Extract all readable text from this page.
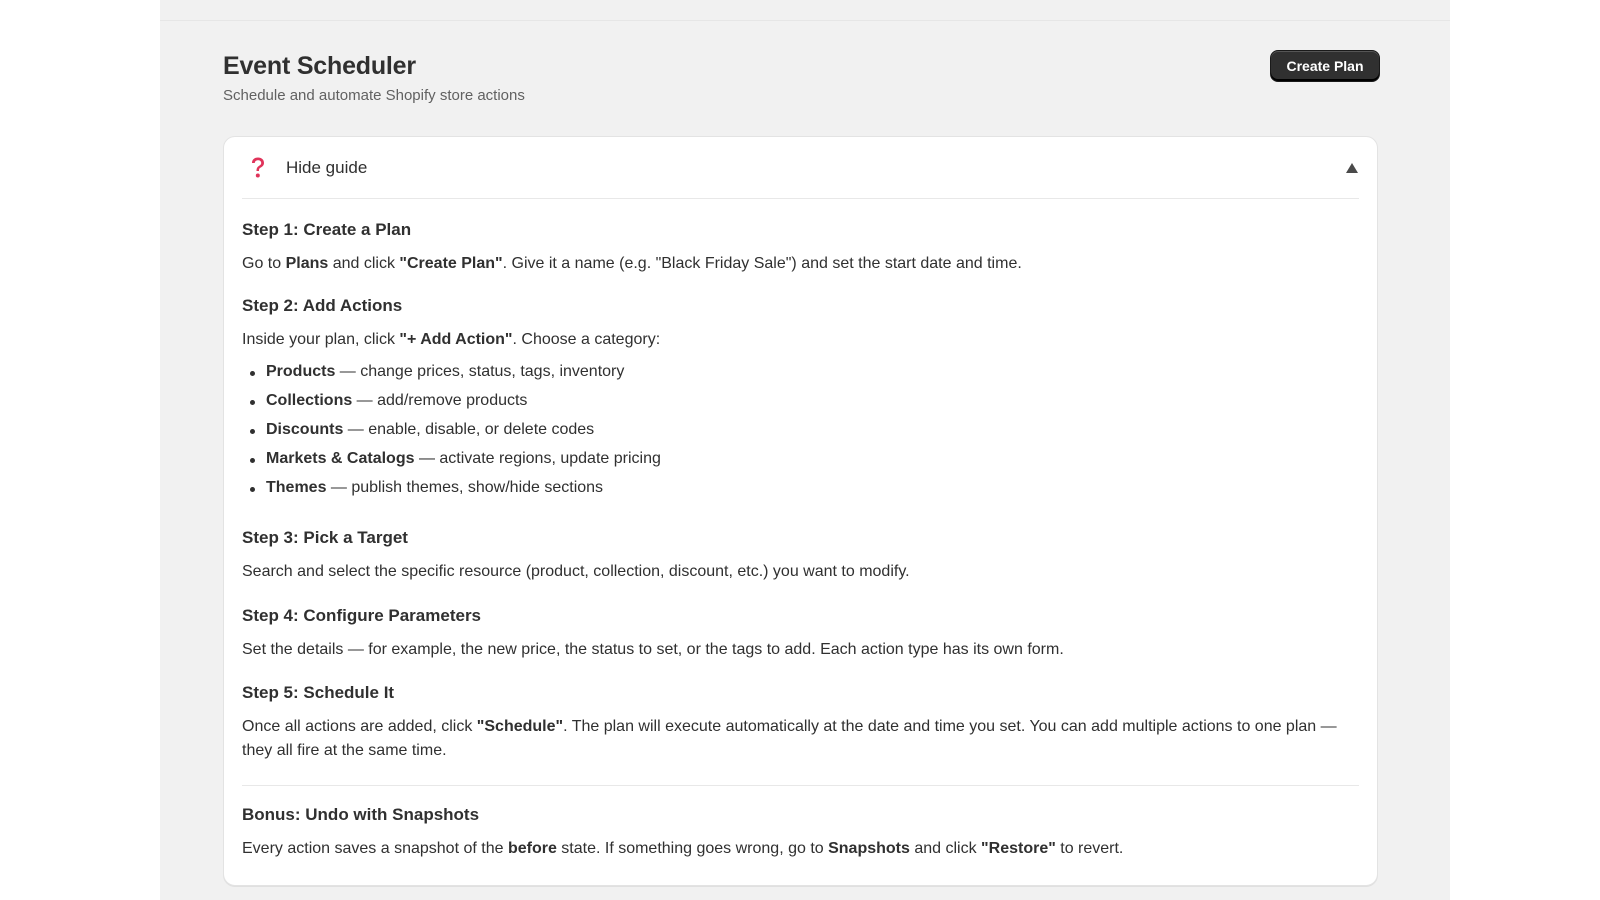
Event Scheduler

Schedule and automate Shopify store actions

Create Plan
Hide guide
Step 1: Create a Plan

Go to Plans and click "Create Plan". Give it a name (e.g. "Black Friday Sale") and set the start date and time.

Step 2: Add Actions

Inside your plan, click "+ Add Action". Choose a category:

Products — change prices, status, tags, inventory
Collections — add/remove products
Discounts — enable, disable, or delete codes
Markets & Catalogs — activate regions, update pricing
Themes — publish themes, show/hide sections
Step 3: Pick a Target

Search and select the specific resource (product, collection, discount, etc.) you want to modify.

Step 4: Configure Parameters

Set the details — for example, the new price, the status to set, or the tags to add. Each action type has its own form.

Step 5: Schedule It

Once all actions are added, click "Schedule". The plan will execute automatically at the date and time you set. You can add multiple actions to one plan — they all fire at the same time.

Bonus: Undo with Snapshots

Every action saves a snapshot of the before state. If something goes wrong, go to Snapshots and click "Restore" to revert.
